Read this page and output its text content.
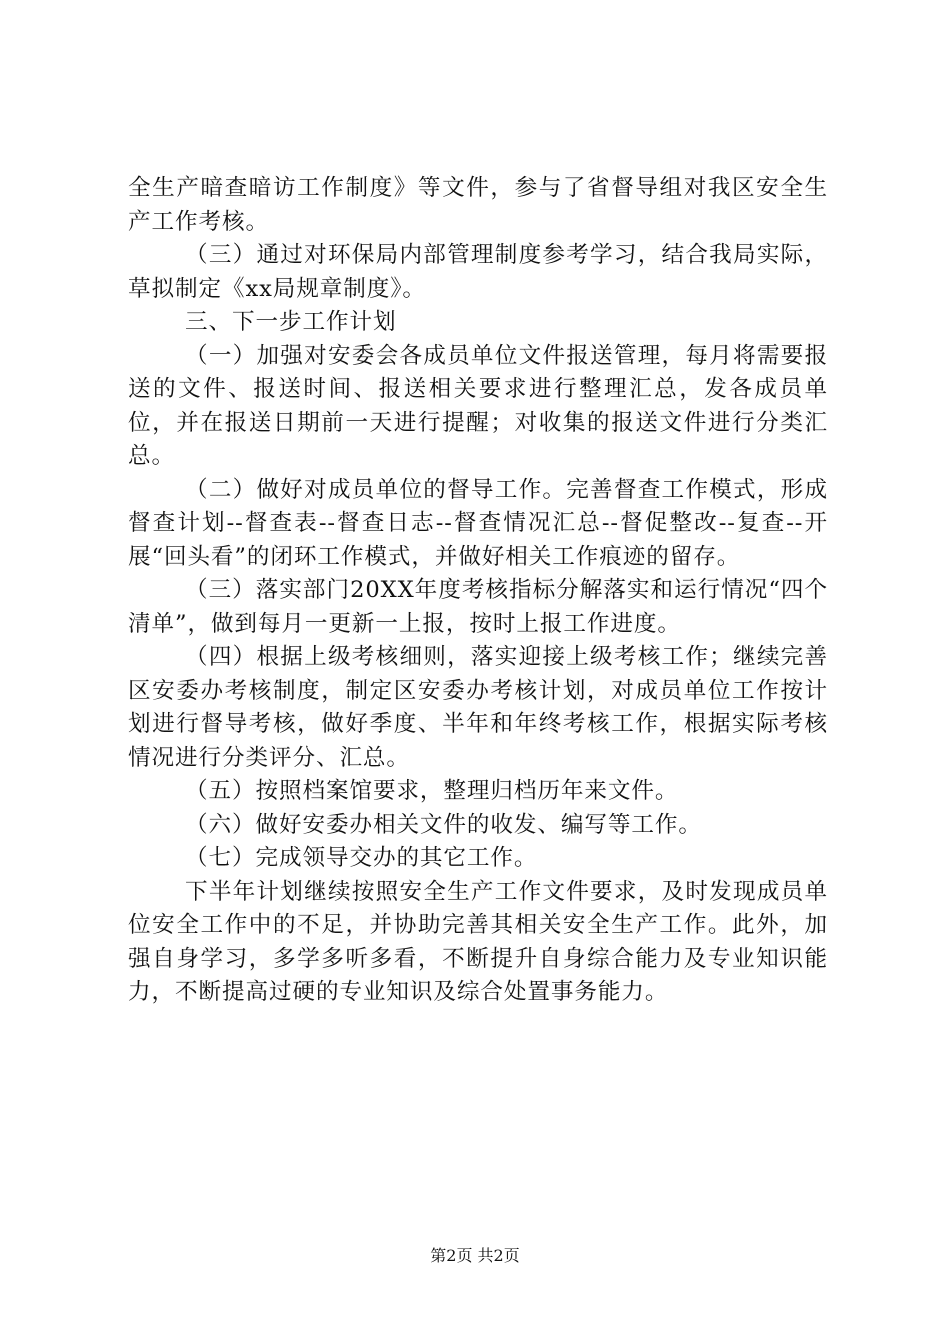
全生产暗查暗访工作制度》等文件，参与了省督导组对我区安全生产工作考核。

（三）通过对环保局内部管理制度参考学习，结合我局实际，草拟制定《xx局规章制度》。

三、下一步工作计划

（一）加强对安委会各成员单位文件报送管理，每月将需要报送的文件、报送时间、报送相关要求进行整理汇总，发各成员单位，并在报送日期前一天进行提醒；对收集的报送文件进行分类汇总。

（二）做好对成员单位的督导工作。完善督查工作模式，形成督查计划--督查表--督查日志--督查情况汇总--督促整改--复查--开展“回头看”的闭环工作模式，并做好相关工作痕迹的留存。

（三）落实部门20XX年度考核指标分解落实和运行情况“四个清单”，做到每月一更新一上报，按时上报工作进度。

（四）根据上级考核细则，落实迎接上级考核工作；继续完善区安委办考核制度，制定区安委办考核计划，对成员单位工作按计划进行督导考核，做好季度、半年和年终考核工作，根据实际考核情况进行分类评分、汇总。

（五）按照档案馆要求，整理归档历年来文件。

（六）做好安委办相关文件的收发、编写等工作。

（七）完成领导交办的其它工作。

下半年计划继续按照安全生产工作文件要求，及时发现成员单位安全工作中的不足，并协助完善其相关安全生产工作。此外，加强自身学习，多学多听多看，不断提升自身综合能力及专业知识能力，不断提高过硬的专业知识及综合处置事务能力。

第2页 共2页
